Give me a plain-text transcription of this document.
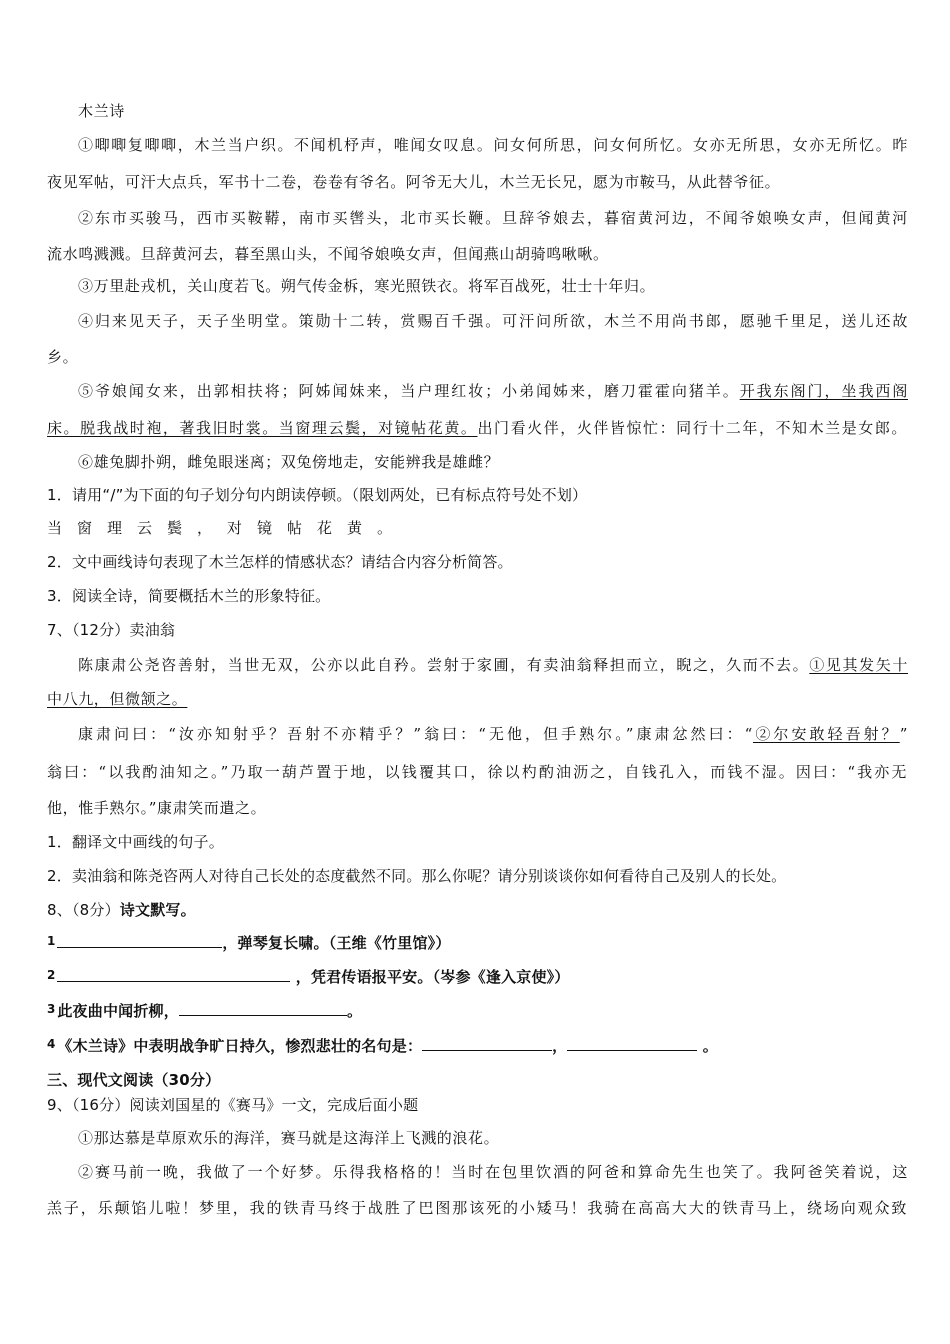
木兰诗
①唧唧复唧唧，木兰当户织。不闻机杼声，唯闻女叹息。问女何所思，问女何所忆。女亦无所思，女亦无所忆。昨
夜见军帖，可汗大点兵，军书十二卷，卷卷有爷名。阿爷无大儿，木兰无长兄，愿为市鞍马，从此替爷征。
②东市买骏马，西市买鞍鞯，南市买辔头，北市买长鞭。旦辞爷娘去，暮宿黄河边，不闻爷娘唤女声，但闻黄河
流水鸣溅溅。旦辞黄河去，暮至黑山头，不闻爷娘唤女声，但闻燕山胡骑鸣啾啾。
③万里赴戎机，关山度若飞。朔气传金柝，寒光照铁衣。将军百战死，壮士十年归。
④归来见天子，天子坐明堂。策勋十二转，赏赐百千强。可汗问所欲，木兰不用尚书郎，愿驰千里足，送儿还故
乡。
⑤爷娘闻女来，出郭相扶将；阿姊闻妹来，当户理红妆；小弟闻姊来，磨刀霍霍向猪羊。开我东阁门，坐我西阁
床。脱我战时袍，著我旧时裳。当窗理云鬓，对镜帖花黄。出门看火伴，火伴皆惊忙：同行十二年，不知木兰是女郎。
⑥雄兔脚扑朔，雌兔眼迷离；双兔傍地走，安能辨我是雄雌？
1．请用“/”为下面的句子划分句内朗读停顿。（限划两处，已有标点符号处不划）
当窗理云鬓，对镜帖花黄。
2．文中画线诗句表现了木兰怎样的情感状态？请结合内容分析简答。
3．阅读全诗，简要概括木兰的形象特征。
7、（12分）卖油翁
陈康肃公尧咨善射，当世无双，公亦以此自矜。尝射于家圃，有卖油翁释担而立，睨之，久而不去。①见其发矢十
中八九，但微颔之。
康肃问曰：“汝亦知射乎？吾射不亦精乎？”翁曰：“无他，但手熟尔。”康肃忿然曰：“②尔安敢轻吾射？”
翁曰：“以我酌油知之。”乃取一葫芦置于地，以钱覆其口，徐以杓酌油沥之，自钱孔入，而钱不湿。因曰：“我亦无
他，惟手熟尔。”康肃笑而遣之。
1．翻译文中画线的句子。
2．卖油翁和陈尧咨两人对待自己长处的态度截然不同。那么你呢？请分别谈谈你如何看待自己及别人的长处。
8、（8分）诗文默写。
$^1$	，弹琴复长啸。（王维《竹里馆》）
$^2$	，凭君传语报平安。（岑参《逢入京使》）
$^3$ 此夜曲中闻折柳，	。
$^4$ 《木兰诗》中表明战争旷日持久，惨烈悲壮的名句是：	，	。
三、现代文阅读（30分）
9、（16分）阅读刘国星的《赛马》一文，完成后面小题
①那达慕是草原欢乐的海洋，赛马就是这海洋上飞溅的浪花。
②赛马前一晚，我做了一个好梦。乐得我格格的！当时在包里饮酒的阿爸和算命先生也笑了。我阿爸笑着说，这
羔子，乐颠馅儿啦！梦里，我的铁青马终于战胜了巴图那该死的小矮马！我骑在高高大大的铁青马上，绕场向观众致
